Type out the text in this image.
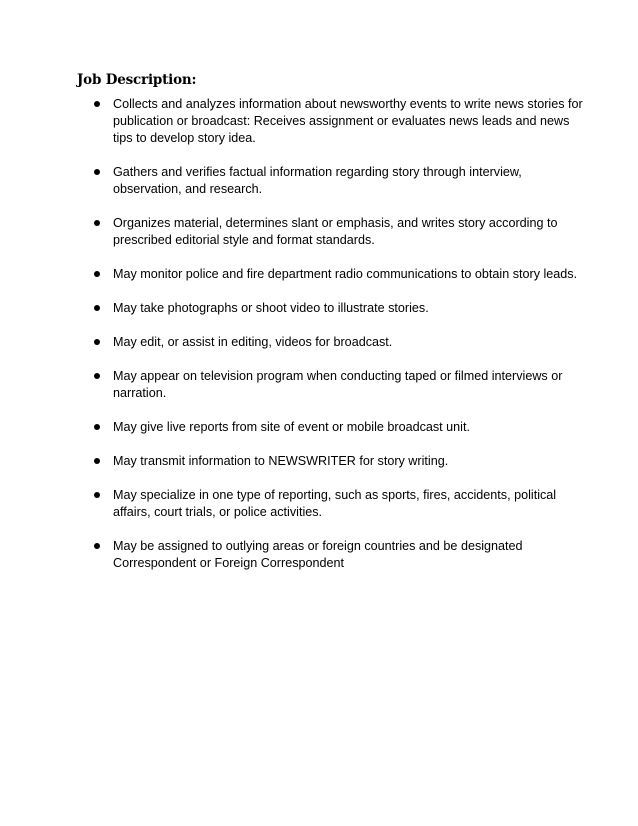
Job Description:
Collects and analyzes information about newsworthy events to write news stories for publication or broadcast: Receives assignment or evaluates news leads and news tips to develop story idea.
Gathers and verifies factual information regarding story through interview, observation, and research.
Organizes material, determines slant or emphasis, and writes story according to prescribed editorial style and format standards.
May monitor police and fire department radio communications to obtain story leads.
May take photographs or shoot video to illustrate stories.
May edit, or assist in editing, videos for broadcast.
May appear on television program when conducting taped or filmed interviews or narration.
May give live reports from site of event or mobile broadcast unit.
May transmit information to NEWSWRITER for story writing.
May specialize in one type of reporting, such as sports, fires, accidents, political affairs, court trials, or police activities.
May be assigned to outlying areas or foreign countries and be designated Correspondent or Foreign Correspondent
